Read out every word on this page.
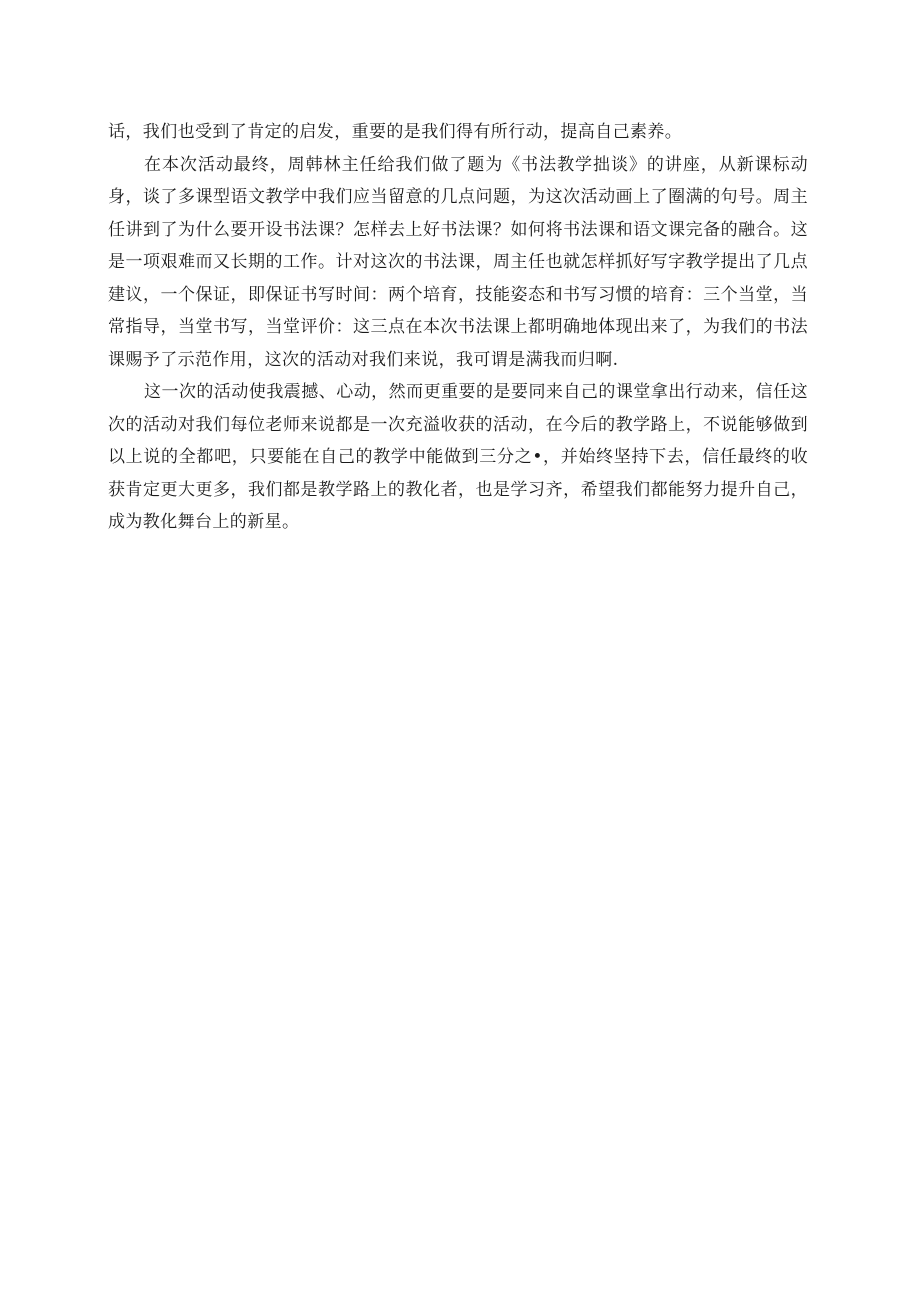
话，我们也受到了肯定的启发，重要的是我们得有所行动，提高自己素养。

在本次活动最终，周韩林主任给我们做了题为《书法教学拙谈》的讲座，从新课标动身，谈了多课型语文教学中我们应当留意的几点问题，为这次活动画上了圈满的句号。周主任讲到了为什么要开设书法课？怎样去上好书法课？如何将书法课和语文课完备的融合。这是一项艰难而又长期的工作。计对这次的书法课，周主任也就怎样抓好写字教学提出了几点建议，一个保证，即保证书写时间：两个培育，技能姿态和书写习惯的培育：三个当堂，当常指导，当堂书写，当堂评价：这三点在本次书法课上都明确地体现出来了，为我们的书法课赐予了示范作用，这次的活动对我们来说，我可谓是满我而归啊.

这一次的活动使我震撼、心动，然而更重要的是要同来自己的课堂拿出行动来，信任这次的活动对我们每位老师来说都是一次充溢收获的活动，在今后的教学路上，不说能够做到以上说的全都吧，只要能在自己的教学中能做到三分之•，并始终坚持下去，信任最终的收获肯定更大更多，我们都是教学路上的教化者，也是学习齐，希望我们都能努力提升自己，成为教化舞台上的新星。
